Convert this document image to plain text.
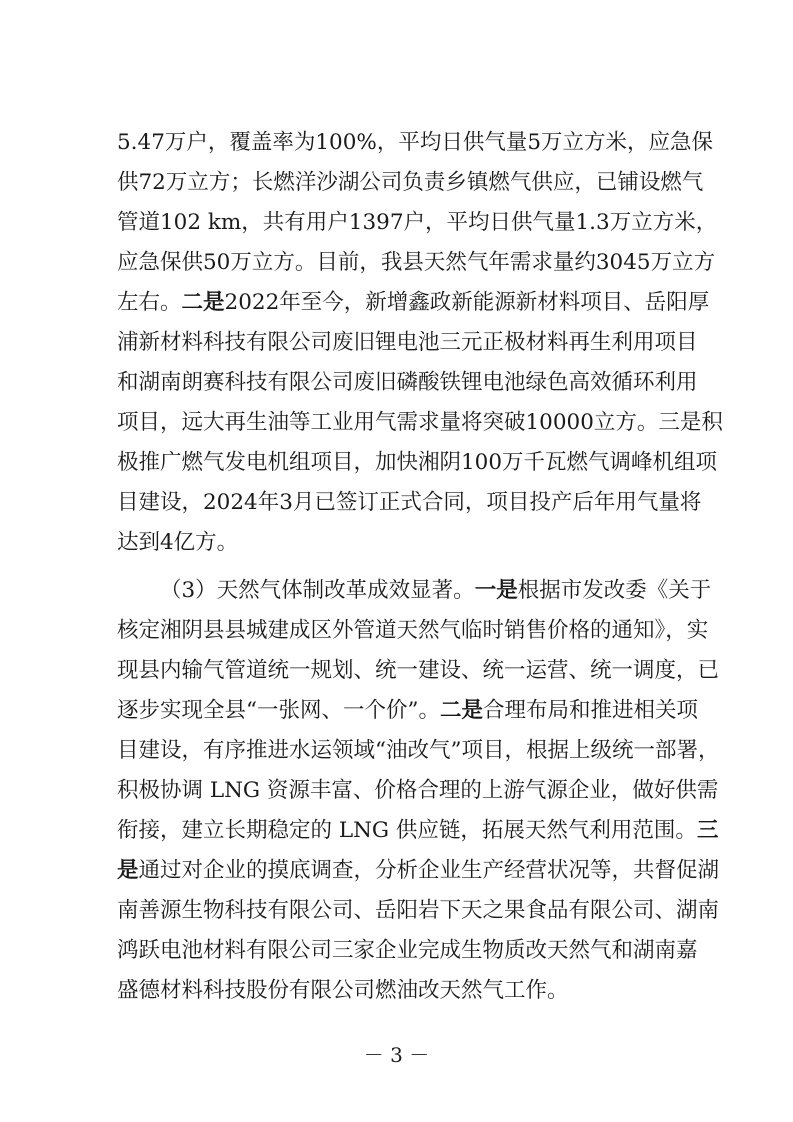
5.47万户，覆盖率为100%，平均日供气量5万立方米，应急保
供72万立方；长燃洋沙湖公司负责乡镇燃气供应，已铺设燃气
管道102 km，共有用户1397户，平均日供气量1.3万立方米，
应急保供50万立方。目前，我县天然气年需求量约3045万立方
左右。二是2022年至今，新增鑫政新能源新材料项目、岳阳厚
浦新材料科技有限公司废旧锂电池三元正极材料再生利用项目
和湖南朗赛科技有限公司废旧磷酸铁锂电池绿色高效循环利用
项目，远大再生油等工业用气需求量将突破10000立方。三是积
极推广燃气发电机组项目，加快湘阴100万千瓦燃气调峰机组项
目建设，2024年3月已签订正式合同，项目投产后年用气量将
达到4亿方。
（3）天然气体制改革成效显著。一是根据市发改委《关于
核定湘阴县县城建成区外管道天然气临时销售价格的通知》，实
现县内输气管道统一规划、统一建设、统一运营、统一调度，已
逐步实现全县“一张网、一个价”。二是合理布局和推进相关项
目建设，有序推进水运领域“油改气”项目，根据上级统一部署，
积极协调 LNG 资源丰富、价格合理的上游气源企业，做好供需
衔接，建立长期稳定的 LNG 供应链，拓展天然气利用范围。三
是通过对企业的摸底调查，分析企业生产经营状况等，共督促湖
南善源生物科技有限公司、岳阳岩下天之果食品有限公司、湖南
鸿跃电池材料有限公司三家企业完成生物质改天然气和湖南嘉
盛德材料科技股份有限公司燃油改天然气工作。
－ 3 －
